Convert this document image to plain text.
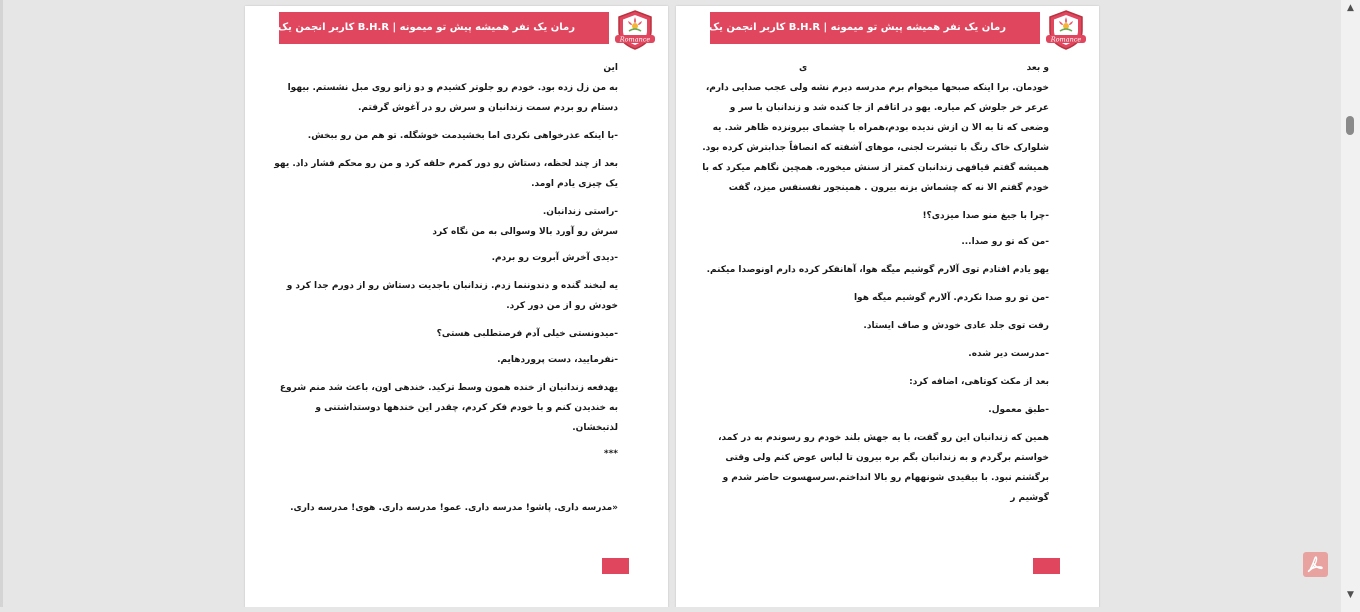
رمان یک نفر همیشه پیش تو میمونه | B.H.R کاربر انجمن یک رمان
Romance

این

به من زل زده بود. خودم رو جلوتر کشیدم و دو زانو روی مبل نشستم. بیهوا دستام رو بردم سمت زندانبان و سرش رو در آغوش گرفتم.

-با اینکه عذرخواهی نکردی اما بخشیدمت خوشگله. تو هم من رو ببخش.

بعد از چند لحظه، دستاش رو دور کمرم حلقه کرد و من رو محکم فشار داد. یهو یک چیزی یادم اومد.

-راستی زندانبان.

سرش رو آورد بالا وسوالی به من نگاه کرد

-دیدی آخرش آبروت رو بردم.

یه لبخند گنده و دندوننما زدم. زندانبان باجدیت دستاش رو از دورم جدا کرد و خودش رو از من دور کرد.

-میدونستی خیلی آدم فرصتطلبی هستی؟

-نفرمایید، دست پروردهایم.

یهدفعه زندانبان از خنده همون وسط ترکید. خندهی اون، باعث شد منم شروع به خندیدن کنم و با خودم فکر کردم، چقدر این خندهها دوستداشتنی و لذتبخشان.

***

«مدرسه داری. پاشو! مدرسه داری. عمو! مدرسه داری. هوی! مدرسه داری.

رمان یک نفر همیشه پیش تو میمونه | B.H.R کاربر انجمن یک رمان
Romance

و بعد                                                                      ی

خودمان. برا اینکه صبحها میخوام برم مدرسه دیرم نشه ولی عجب صدایی دارم، عرعر خر جلوش کم میاره. یهو در اتاقم از جا کنده شد و زندانبان با سر و وضعی که تا به الا ن ازش ندیده بودم،همراه با چشمای بیرونزده ظاهر شد. یه شلوارک خاک رنگ با تیشرت لجنی، موهای آشفته که انصافاً جذابترش کرده بود. همیشه گفتم قیافهی زندانبان کمتر از سنش میخوره. همچین نگاهم میکرد که با خودم گفتم الا نه که چشماش بزنه بیرون . همینجور نفسنفس میزد، گفت

-چرا با جیغ منو صدا میزدی؟!

-من که تو رو صدا...

یهو یادم افتادم توی آلارم گوشیم میگه هوا، آهانفکر کرده دارم اونوصدا میکنم.

-من تو رو صدا نکردم. آلارم گوشیم میگه هوا

رفت توی جلد عادی خودش و صاف ایستاد.

-مدرست دیر شده.

بعد از مکث کوتاهی، اضافه کرد:

-طبق معمول.

همین که زندانبان این رو گفت، با یه جهش بلند خودم رو رسوندم به در کمد، خواستم برگردم و به زندانبان بگم بره بیرون تا لباس عوض کنم ولی وقتی برگشتم نبود. با بیقیدی شونههام رو بالا انداختم.سرسهسوت حاضر شدم و گوشیم ر

▲
▼
